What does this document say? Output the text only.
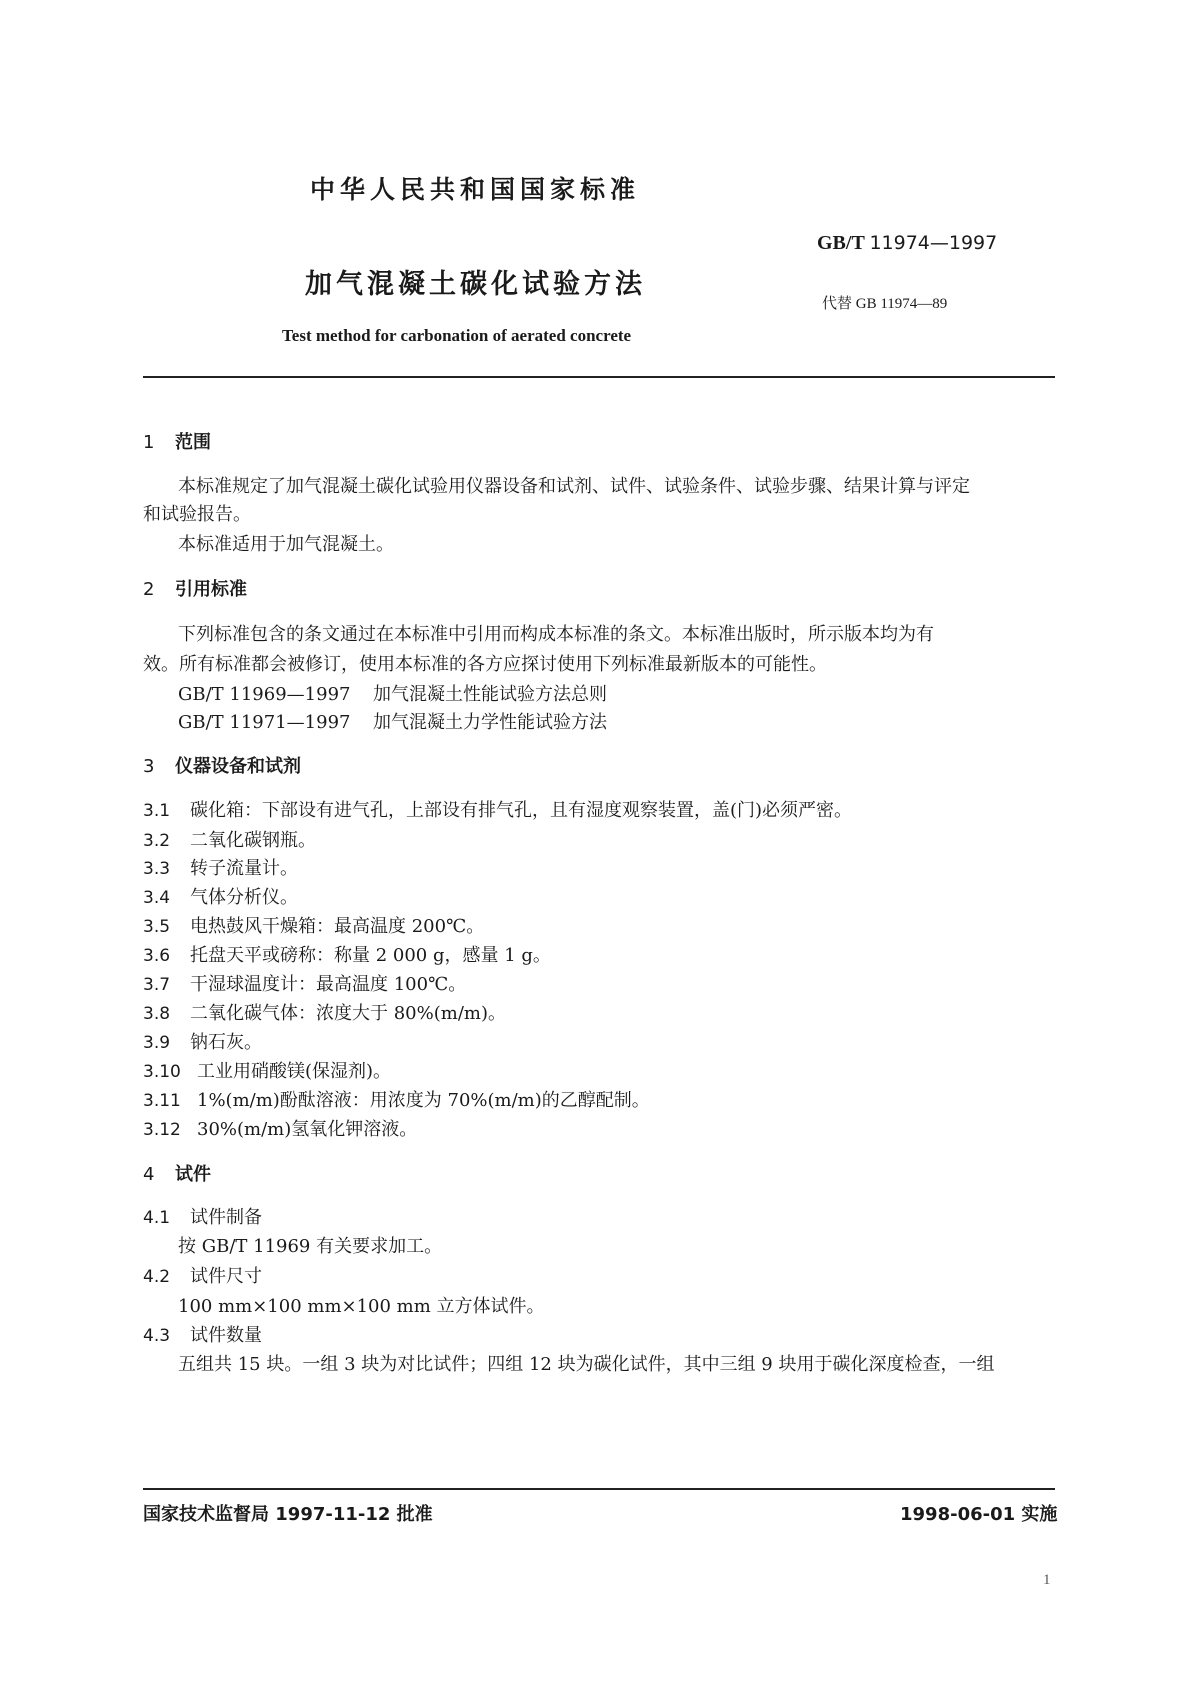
中华人民共和国国家标准
GB/T 11974—1997
加气混凝土碳化试验方法
代替 GB 11974—89
Test method for carbonation of aerated concrete
1 范围
本标准规定了加气混凝土碳化试验用仪器设备和试剂、试件、试验条件、试验步骤、结果计算与评定
和试验报告。
本标准适用于加气混凝土。
2 引用标准
下列标准包含的条文通过在本标准中引用而构成本标准的条文。本标准出版时，所示版本均为有
效。所有标准都会被修订，使用本标准的各方应探讨使用下列标准最新版本的可能性。
GB/T 11969—1997 加气混凝土性能试验方法总则
GB/T 11971—1997 加气混凝土力学性能试验方法
3 仪器设备和试剂
3.1 碳化箱：下部设有进气孔，上部设有排气孔，且有湿度观察装置，盖(门)必须严密。
3.2 二氧化碳钢瓶。
3.3 转子流量计。
3.4 气体分析仪。
3.5 电热鼓风干燥箱：最高温度 200℃。
3.6 托盘天平或磅称：称量 2 000 g，感量 1 g。
3.7 干湿球温度计：最高温度 100℃。
3.8 二氧化碳气体：浓度大于 80%(m/m)。
3.9 钠石灰。
3.10 工业用硝酸镁(保湿剂)。
3.11 1%(m/m)酚酞溶液：用浓度为 70%(m/m)的乙醇配制。
3.12 30%(m/m)氢氧化钾溶液。
4 试件
4.1 试件制备
按 GB/T 11969 有关要求加工。
4.2 试件尺寸
100 mm×100 mm×100 mm 立方体试件。
4.3 试件数量
五组共 15 块。一组 3 块为对比试件；四组 12 块为碳化试件，其中三组 9 块用于碳化深度检查，一组
国家技术监督局 1997-11-12 批准	1998-06-01 实施
1
